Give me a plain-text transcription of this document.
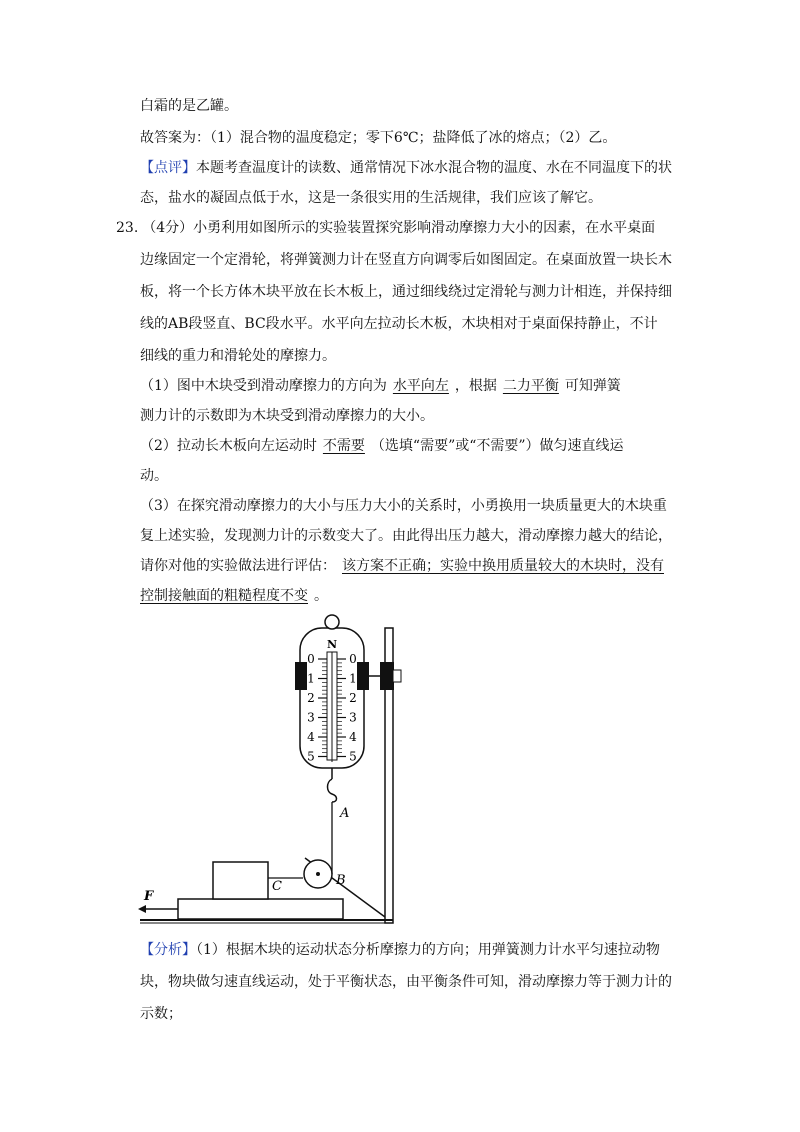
白霜的是乙罐。
故答案为：（1）混合物的温度稳定；零下6℃；盐降低了冰的熔点；（2）乙。
【点评】本题考查温度计的读数、通常情况下冰水混合物的温度、水在不同温度下的状
态，盐水的凝固点低于水，这是一条很实用的生活规律，我们应该了解它。
23. （4分）小勇利用如图所示的实验装置探究影响滑动摩擦力大小的因素，在水平桌面
边缘固定一个定滑轮，将弹簧测力计在竖直方向调零后如图固定。在桌面放置一块长木
板，将一个长方体木块平放在长木板上，通过细线绕过定滑轮与测力计相连，并保持细
线的AB段竖直、BC段水平。水平向左拉动长木板，木块相对于桌面保持静止，不计
细线的重力和滑轮处的摩擦力。
（1）图中木块受到滑动摩擦力的方向为 水平向左 ，根据 二力平衡 可知弹簧
测力计的示数即为木块受到滑动摩擦力的大小。
（2）拉动长木板向左运动时 不需要 （选填“需要”或“不需要”）做匀速直线运
动。
（3）在探究滑动摩擦力的大小与压力大小的关系时，小勇换用一块质量更大的木块重
复上述实验，发现测力计的示数变大了。由此得出压力越大，滑动摩擦力越大的结论，
请你对他的实验做法进行评估： 该方案不正确；实验中换用质量较大的木块时，没有
控制接触面的粗糙程度不变 。
N
0
1
2
3
4
5
0
1
2
3
4
5
A
B
C
F
【分析】（1）根据木块的运动状态分析摩擦力的方向；用弹簧测力计水平匀速拉动物
块，物块做匀速直线运动，处于平衡状态，由平衡条件可知，滑动摩擦力等于测力计的
示数；
